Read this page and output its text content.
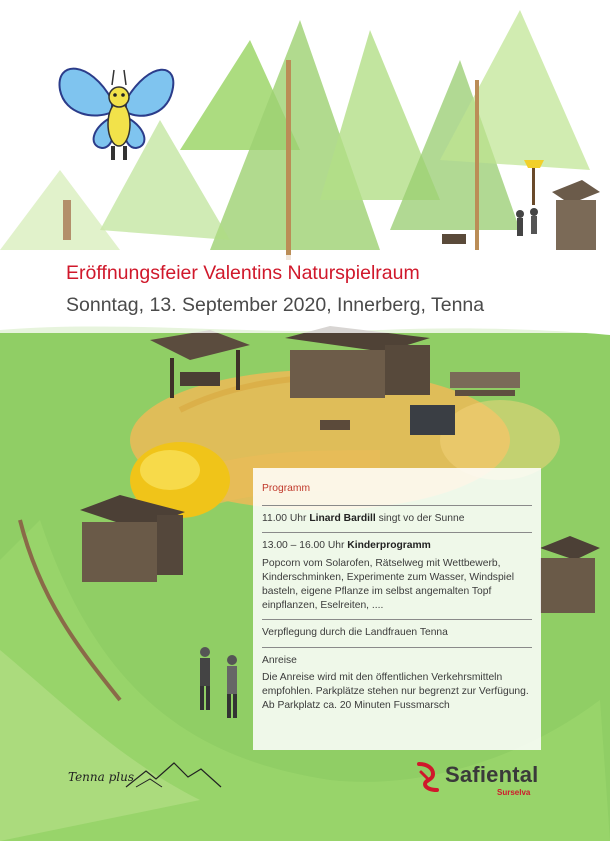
Eröffnungsfeier Valentins Naturspielraum
Sonntag, 13. September 2020, Innerberg, Tenna
Programm

11.00 Uhr Linard Bardill singt vo der Sunne

13.00 – 16.00 Uhr Kinderprogramm

Popcorn vom Solarofen, Rätselweg mit Wettbewerb, Kinderschminken, Experimente zum Wasser, Windspiel basteln, eigene Pflanze im selbst angemalten Topf einpflanzen, Eselreiten, ....

Verpflegung durch die Landfrauen Tenna

Anreise

Die Anreise wird mit den öffentlichen Verkehrsmitteln empfohlen. Parkplätze stehen nur begrenzt zur Verfügung. Ab Parkplatz ca. 20 Minuten Fussmarsch

Tenna plus	Safiental
Surselva
